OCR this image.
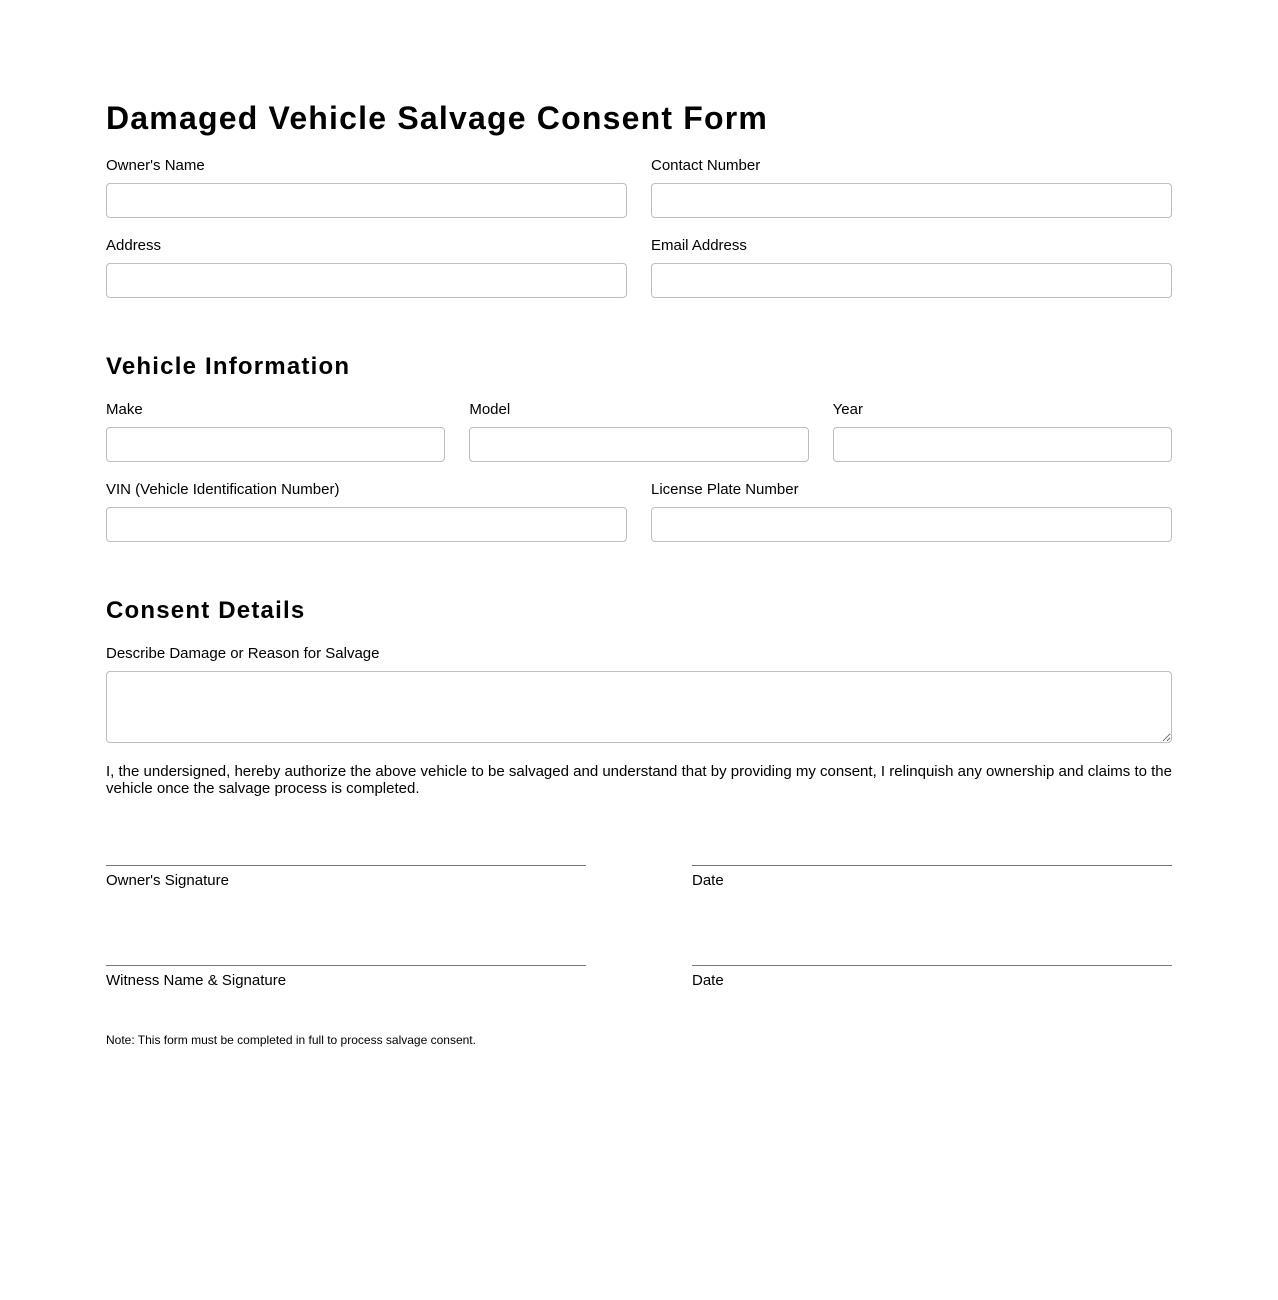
Damaged Vehicle Salvage Consent Form
Owner's Name	Contact Number
Address	Email Address
Vehicle Information
Make	Model	Year
VIN (Vehicle Identification Number)	License Plate Number
Consent Details
Describe Damage or Reason for Salvage

I, the undersigned, hereby authorize the above vehicle to be salvaged and understand that by providing my consent, I relinquish any ownership and claims to the vehicle once the salvage process is completed.

Owner's Signature	Date
Witness Name & Signature	Date

Note: This form must be completed in full to process salvage consent.
